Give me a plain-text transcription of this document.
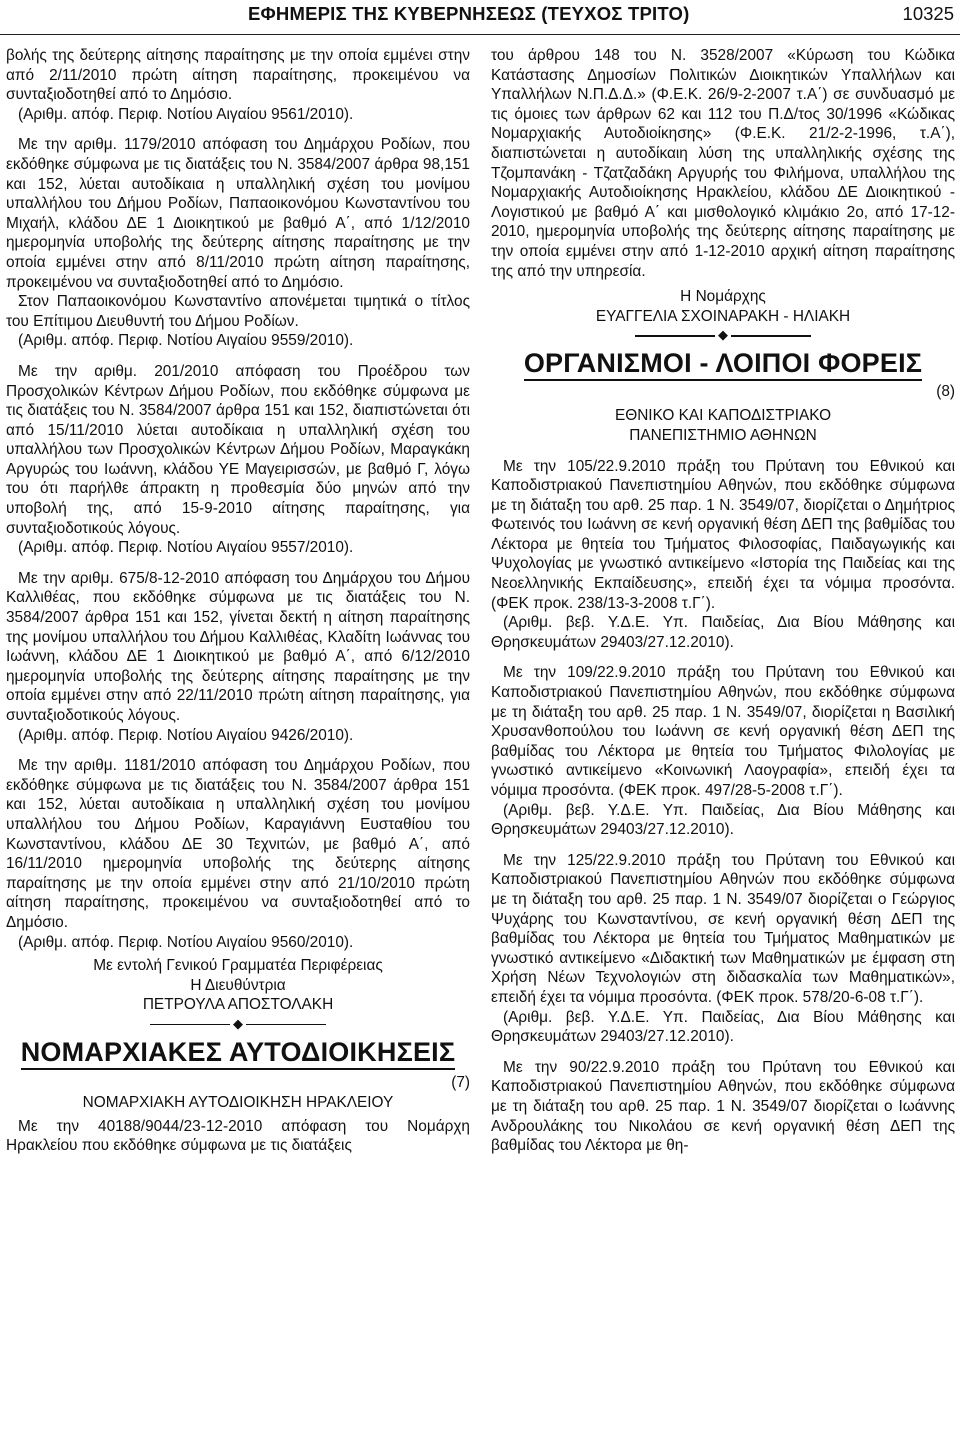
ΕΦΗΜΕΡΙΣ ΤΗΣ ΚΥΒΕΡΝΗΣΕΩΣ (ΤΕΥΧΟΣ ΤΡΙΤΟ)	10325

βολής της δεύτερης αίτησης παραίτησης με την οποία εμμένει στην από 2/11/2010 πρώτη αίτηση παραίτησης, προκειμένου να συνταξιοδοτηθεί από το Δημόσιο.

(Αριθμ. απόφ. Περιφ. Νοτίου Αιγαίου 9561/2010).

Με την αριθμ. 1179/2010 απόφαση του Δημάρχου Ροδίων, που εκδόθηκε σύμφωνα με τις διατάξεις του Ν. 3584/2007 άρθρα 98,151 και 152, λύεται αυτοδίκαια η υπαλληλική σχέση του μονίμου υπαλλήλου του Δήμου Ροδίων, Παπαοικονόμου Κωνσταντίνου του Μιχαήλ, κλάδου ΔΕ 1 Διοικητικού με βαθμό Α΄, από 1/12/2010 ημερομηνία υποβολής της δεύτερης αίτησης παραίτησης με την οποία εμμένει στην από 8/11/2010 πρώτη αίτηση παραίτησης, προκειμένου να συνταξιοδοτηθεί από το Δημόσιο.

Στον Παπαοικονόμου Κωνσταντίνο απονέμεται τιμητικά ο τίτλος του Επίτιμου Διευθυντή του Δήμου Ροδίων.

(Αριθμ. απόφ. Περιφ. Νοτίου Αιγαίου 9559/2010).

Με την αριθμ. 201/2010 απόφαση του Προέδρου των Προσχολικών Κέντρων Δήμου Ροδίων, που εκδόθηκε σύμφωνα με τις διατάξεις του Ν. 3584/2007 άρθρα 151 και 152, διαπιστώνεται ότι από 15/11/2010 λύεται αυτοδίκαια η υπαλληλική σχέση του υπαλλήλου των Προσχολικών Κέντρων Δήμου Ροδίων, Μαραγκάκη Αργυρώς του Ιωάννη, κλάδου ΥΕ Μαγειρισσών, με βαθμό Γ, λόγω του ότι παρήλθε άπρακτη η προθεσμία δύο μηνών από την υποβολή της, από 15-9-2010 αίτησης παραίτησης, για συνταξιοδοτικούς λόγους.

(Αριθμ. απόφ. Περιφ. Νοτίου Αιγαίου 9557/2010).

Με την αριθμ. 675/8-12-2010 απόφαση του Δημάρχου του Δήμου Καλλιθέας, που εκδόθηκε σύμφωνα με τις διατάξεις του Ν. 3584/2007 άρθρα 151 και 152, γίνεται δεκτή η αίτηση παραίτησης της μονίμου υπαλλήλου του Δήμου Καλλιθέας, Κλαδίτη Ιωάννας του Ιωάννη, κλάδου ΔΕ 1 Διοικητικού με βαθμό Α΄, από 6/12/2010 ημερομηνία υποβολής της δεύτερης αίτησης παραίτησης με την οποία εμμένει στην από 22/11/2010 πρώτη αίτηση παραίτησης, για συνταξιοδοτικούς λόγους.

(Αριθμ. απόφ. Περιφ. Νοτίου Αιγαίου 9426/2010).

Με την αριθμ. 1181/2010 απόφαση του Δημάρχου Ροδίων, που εκδόθηκε σύμφωνα με τις διατάξεις του Ν. 3584/2007 άρθρα 151 και 152, λύεται αυτοδίκαια η υπαλληλική σχέση του μονίμου υπαλλήλου του Δήμου Ροδίων, Καραγιάννη Ευσταθίου του Κωνσταντίνου, κλάδου ΔΕ 30 Τεχνιτών, με βαθμό Α΄, από 16/11/2010 ημερομηνία υποβολής της δεύτερης αίτησης παραίτησης με την οποία εμμένει στην από 21/10/2010 πρώτη αίτηση παραίτησης, προκειμένου να συνταξιοδοτηθεί από το Δημόσιο.

(Αριθμ. απόφ. Περιφ. Νοτίου Αιγαίου 9560/2010).

Με εντολή Γενικού Γραμματέα Περιφέρειας

Η Διευθύντρια

ΠΕΤΡΟΥΛΑ ΑΠΟΣΤΟΛΑΚΗ

◆
ΝΟΜΑΡΧΙΑΚΕΣ ΑΥΤΟΔΙΟΙΚΗΣΕΙΣ
(7)

ΝΟΜΑΡΧΙΑΚΗ ΑΥΤΟΔΙΟΙΚΗΣΗ ΗΡΑΚΛΕΙΟΥ

Με την 40188/9044/23-12-2010 απόφαση του Νομάρχη Ηρακλείου που εκδόθηκε σύμφωνα με τις διατάξεις

του άρθρου 148 του Ν. 3528/2007 «Κύρωση του Κώδικα Κατάστασης Δημοσίων Πολιτικών Διοικητικών Υπαλλήλων και Υπαλλήλων Ν.Π.Δ.Δ.» (Φ.Ε.Κ. 26/9-2-2007 τ.Α΄) σε συνδυασμό με τις όμοιες των άρθρων 62 και 112 του Π.Δ/τος 30/1996 «Κώδικας Νομαρχιακής Αυτοδιοίκησης» (Φ.Ε.Κ. 21/2-2-1996, τ.Α΄), διαπιστώνεται η αυτοδίκαιη λύση της υπαλληλικής σχέσης της Τζομπανάκη - Τζατζαδάκη Αργυρής του Φιλήμονα, υπαλλήλου της Νομαρχιακής Αυτοδιοίκησης Ηρακλείου, κλάδου ΔΕ Διοικητικού - Λογιστικού με βαθμό Α΄ και μισθολογικό κλιμάκιο 2ο, από 17-12-2010, ημερομηνία υποβολής της δεύτερης αίτησης παραίτησης με την οποία εμμένει στην από 1-12-2010 αρχική αίτηση παραίτησης της από την υπηρεσία.

Η Νομάρχης

ΕΥΑΓΓΕΛΙΑ ΣΧΟΙΝΑΡΑΚΗ - ΗΛΙΑΚΗ

◆
ΟΡΓΑΝΙΣΜΟΙ - ΛΟΙΠΟΙ ΦΟΡΕΙΣ
(8)

ΕΘΝΙΚΟ ΚΑΙ ΚΑΠΟΔΙΣΤΡΙΑΚΟ

ΠΑΝΕΠΙΣΤΗΜΙΟ ΑΘΗΝΩΝ

Με την 105/22.9.2010 πράξη του Πρύτανη του Εθνικού και Καποδιστριακού Πανεπιστημίου Αθηνών, που εκδόθηκε σύμφωνα με τη διάταξη του αρθ. 25 παρ. 1 Ν. 3549/07, διορίζεται ο Δημήτριος Φωτεινός του Ιωάννη σε κενή οργανική θέση ΔΕΠ της βαθμίδας του Λέκτορα με θητεία του Τμήματος Φιλοσοφίας, Παιδαγωγικής και Ψυχολογίας με γνωστικό αντικείμενο «Ιστορία της Παιδείας και της Νεοελληνικής Εκπαίδευσης», επειδή έχει τα νόμιμα προσόντα. (ΦΕΚ προκ. 238/13-3-2008 τ.Γ΄).

(Αριθμ. βεβ. Υ.Δ.Ε. Υπ. Παιδείας, Δια Βίου Μάθησης και Θρησκευμάτων 29403/27.12.2010).

Με την 109/22.9.2010 πράξη του Πρύτανη του Εθνικού και Καποδιστριακού Πανεπιστημίου Αθηνών, που εκδόθηκε σύμφωνα με τη διάταξη του αρθ. 25 παρ. 1 Ν. 3549/07, διορίζεται η Βασιλική Χρυσανθοπούλου του Ιωάννη σε κενή οργανική θέση ΔΕΠ της βαθμίδας του Λέκτορα με θητεία του Τμήματος Φιλολογίας με γνωστικό αντικείμενο «Κοινωνική Λαογραφία», επειδή έχει τα νόμιμα προσόντα. (ΦΕΚ προκ. 497/28-5-2008 τ.Γ΄).

(Αριθμ. βεβ. Υ.Δ.Ε. Υπ. Παιδείας, Δια Βίου Μάθησης και Θρησκευμάτων 29403/27.12.2010).

Με την 125/22.9.2010 πράξη του Πρύτανη του Εθνικού και Καποδιστριακού Πανεπιστημίου Αθηνών που εκδόθηκε σύμφωνα με τη διάταξη του αρθ. 25 παρ. 1 Ν. 3549/07 διορίζεται ο Γεώργιος Ψυχάρης του Κωνσταντίνου, σε κενή οργανική θέση ΔΕΠ της βαθμίδας του Λέκτορα με θητεία του Τμήματος Μαθηματικών με γνωστικό αντικείμενο «Διδακτική των Μαθηματικών με έμφαση στη Χρήση Νέων Τεχνολογιών στη διδασκαλία των Μαθηματικών», επειδή έχει τα νόμιμα προσόντα. (ΦΕΚ προκ. 578/20-6-08 τ.Γ΄).

(Αριθμ. βεβ. Υ.Δ.Ε. Υπ. Παιδείας, Δια Βίου Μάθησης και Θρησκευμάτων 29403/27.12.2010).

Με την 90/22.9.2010 πράξη του Πρύτανη του Εθνικού και Καποδιστριακού Πανεπιστημίου Αθηνών, που εκδόθηκε σύμφωνα με τη διάταξη του αρθ. 25 παρ. 1 Ν. 3549/07 διορίζεται ο Ιωάννης Ανδρουλάκης του Νικολάου σε κενή οργανική θέση ΔΕΠ της βαθμίδας του Λέκτορα με θη-
